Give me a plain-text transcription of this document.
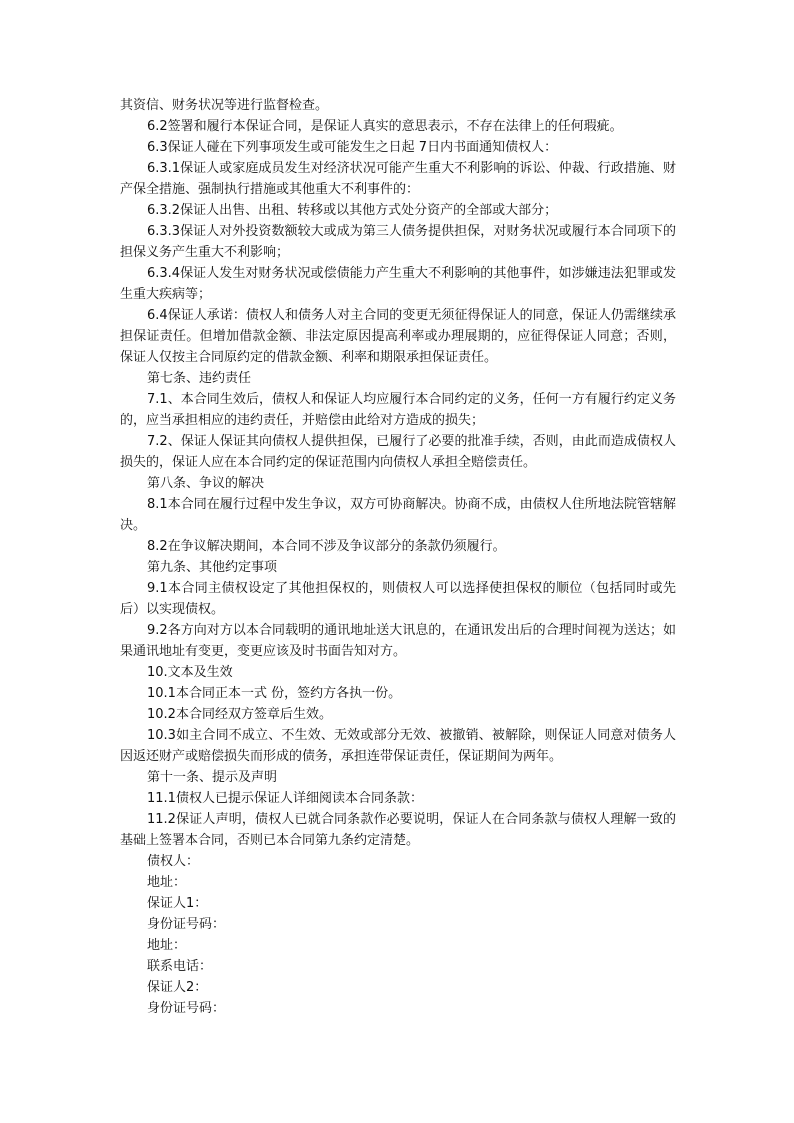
其资信、财务状况等进行监督检查。

6.2签署和履行本保证合同，是保证人真实的意思表示，不存在法律上的任何瑕疵。

6.3保证人碰在下列事项发生或可能发生之日起 7日内书面通知债权人：

6.3.1保证人或家庭成员发生对经济状况可能产生重大不利影响的诉讼、仲裁、行政措施、财产保全措施、强制执行措施或其他重大不利事件的：

6.3.2保证人出售、出租、转移或以其他方式处分资产的全部或大部分；

6.3.3保证人对外投资数额较大或成为第三人债务提供担保，对财务状况或履行本合同项下的担保义务产生重大不利影响；

6.3.4保证人发生对财务状况或偿债能力产生重大不利影响的其他事件，如涉嫌违法犯罪或发生重大疾病等；

6.4保证人承诺：债权人和债务人对主合同的变更无须征得保证人的同意，保证人仍需继续承担保证责任。但增加借款金额、非法定原因提高利率或办理展期的，应征得保证人同意；否则，保证人仅按主合同原约定的借款金额、利率和期限承担保证责任。

第七条、违约责任

7.1、本合同生效后，债权人和保证人均应履行本合同约定的义务，任何一方有履行约定义务的，应当承担相应的违约责任，并赔偿由此给对方造成的损失；

7.2、保证人保证其向债权人提供担保，已履行了必要的批准手续，否则，由此而造成债权人损失的，保证人应在本合同约定的保证范围内向债权人承担全赔偿责任。

第八条、争议的解决

8.1本合同在履行过程中发生争议，双方可协商解决。协商不成，由债权人住所地法院管辖解决。

8.2在争议解决期间，本合同不涉及争议部分的条款仍须履行。

第九条、其他约定事项

9.1本合同主债权设定了其他担保权的，则债权人可以选择使担保权的顺位（包括同时或先后）以实现债权。

9.2各方向对方以本合同载明的通讯地址送大讯息的，在通讯发出后的合理时间视为送达；如果通讯地址有变更，变更应该及时书面告知对方。

10.文本及生效

10.1本合同正本一式 份，签约方各执一份。

10.2本合同经双方签章后生效。

10.3如主合同不成立、不生效、无效或部分无效、被撤销、被解除，则保证人同意对债务人因返还财产或赔偿损失而形成的债务，承担连带保证责任，保证期间为两年。

第十一条、提示及声明

11.1债权人已提示保证人详细阅读本合同条款：

11.2保证人声明，债权人已就合同条款作必要说明，保证人在合同条款与债权人理解一致的基础上签署本合同，否则已本合同第九条约定清楚。

债权人：

地址：

保证人1：

身份证号码：

地址：

联系电话：

保证人2：

身份证号码：
